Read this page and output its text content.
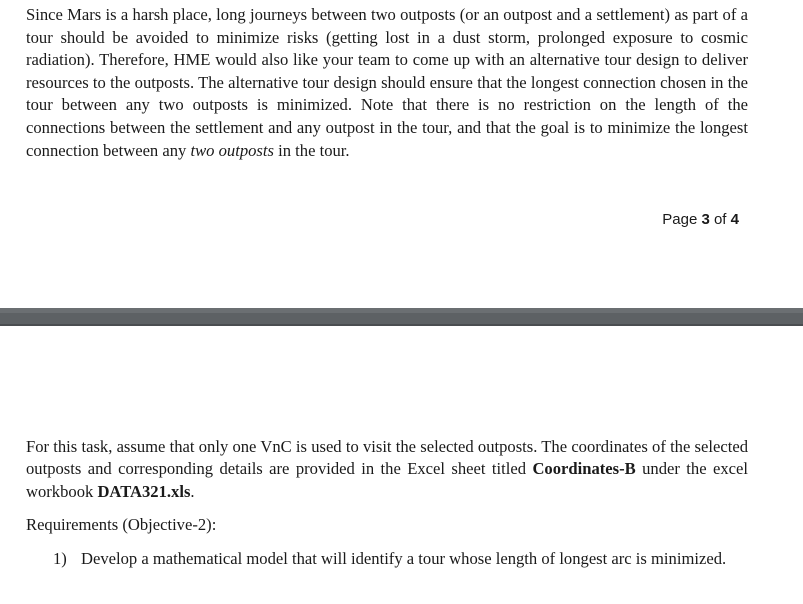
Since Mars is a harsh place, long journeys between two outposts (or an outpost and a settlement) as part of a tour should be avoided to minimize risks (getting lost in a dust storm, prolonged exposure to cosmic radiation). Therefore, HME would also like your team to come up with an alternative tour design to deliver resources to the outposts. The alternative tour design should ensure that the longest connection chosen in the tour between any two outposts is minimized. Note that there is no restriction on the length of the connections between the settlement and any outpost in the tour, and that the goal is to minimize the longest connection between any two outposts in the tour.

Page 3 of 4

For this task, assume that only one VnC is used to visit the selected outposts. The coordinates of the selected outposts and corresponding details are provided in the Excel sheet titled Coordinates-B under the excel workbook DATA321.xls.

Requirements (Objective-2):

1) Develop a mathematical model that will identify a tour whose length of longest arc is minimized.
